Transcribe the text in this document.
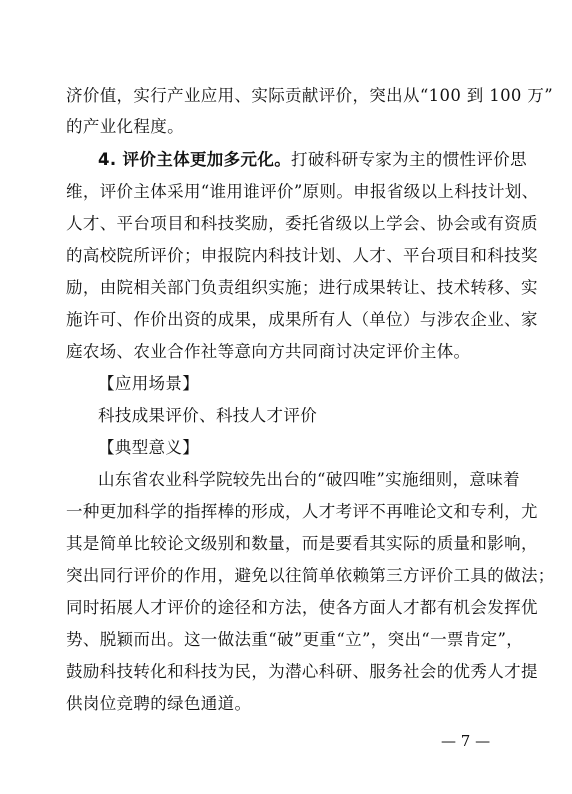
济价值，实行产业应用、实际贡献评价，突出从“100 到 100 万”
的产业化程度。
4. 评价主体更加多元化。打破科研专家为主的惯性评价思
维，评价主体采用“谁用谁评价”原则。申报省级以上科技计划、
人才、平台项目和科技奖励，委托省级以上学会、协会或有资质
的高校院所评价；申报院内科技计划、人才、平台项目和科技奖
励，由院相关部门负责组织实施；进行成果转让、技术转移、实
施许可、作价出资的成果，成果所有人（单位）与涉农企业、家
庭农场、农业合作社等意向方共同商讨决定评价主体。
【应用场景】
科技成果评价、科技人才评价
【典型意义】
山东省农业科学院较先出台的“破四唯”实施细则，意味着
一种更加科学的指挥棒的形成，人才考评不再唯论文和专利，尤
其是简单比较论文级别和数量，而是要看其实际的质量和影响，
突出同行评价的作用，避免以往简单依赖第三方评价工具的做法；
同时拓展人才评价的途径和方法，使各方面人才都有机会发挥优
势、脱颖而出。这一做法重“破”更重“立”，突出“一票肯定”，
鼓励科技转化和科技为民，为潜心科研、服务社会的优秀人才提
供岗位竞聘的绿色通道。
— 7 —
